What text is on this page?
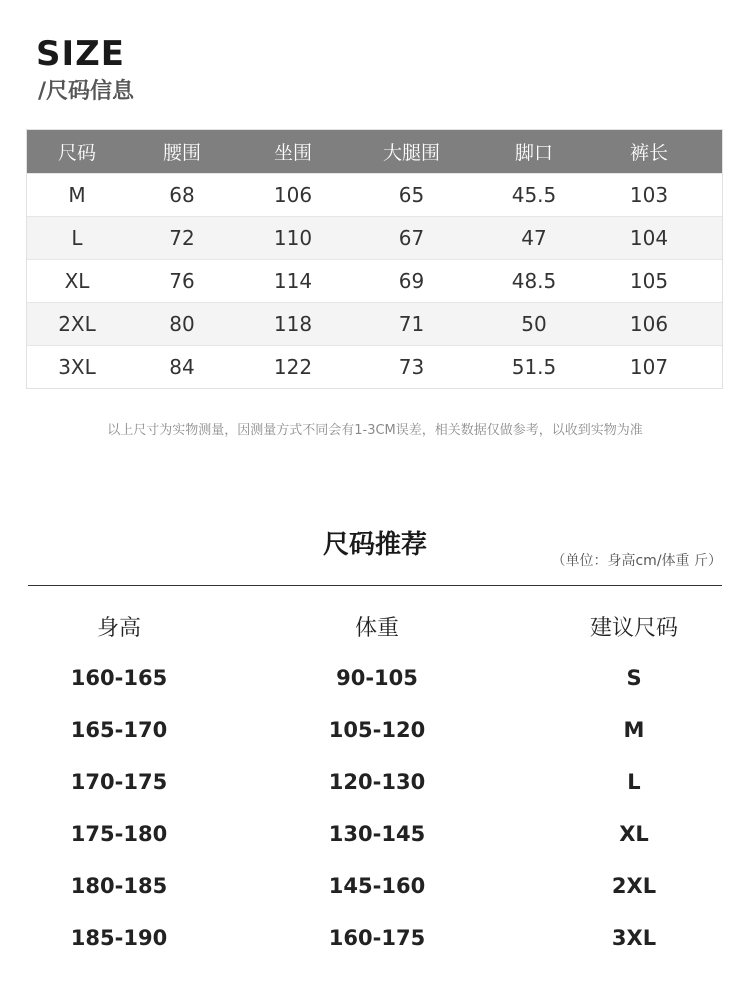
SIZE
/尺码信息
尺码	腰围	坐围	大腿围	脚口	裤长
M	68	106	65	45.5	103
L	72	110	67	47	104
XL	76	114	69	48.5	105
2XL	80	118	71	50	106
3XL	84	122	73	51.5	107
以上尺寸为实物测量，因测量方式不同会有1-3CM误差，相关数据仅做参考，以收到实物为准
尺码推荐
（单位：身高cm/体重 斤）
身高	体重	建议尺码
160-165	90-105	S
165-170	105-120	M
170-175	120-130	L
175-180	130-145	XL
180-185	145-160	2XL
185-190	160-175	3XL
